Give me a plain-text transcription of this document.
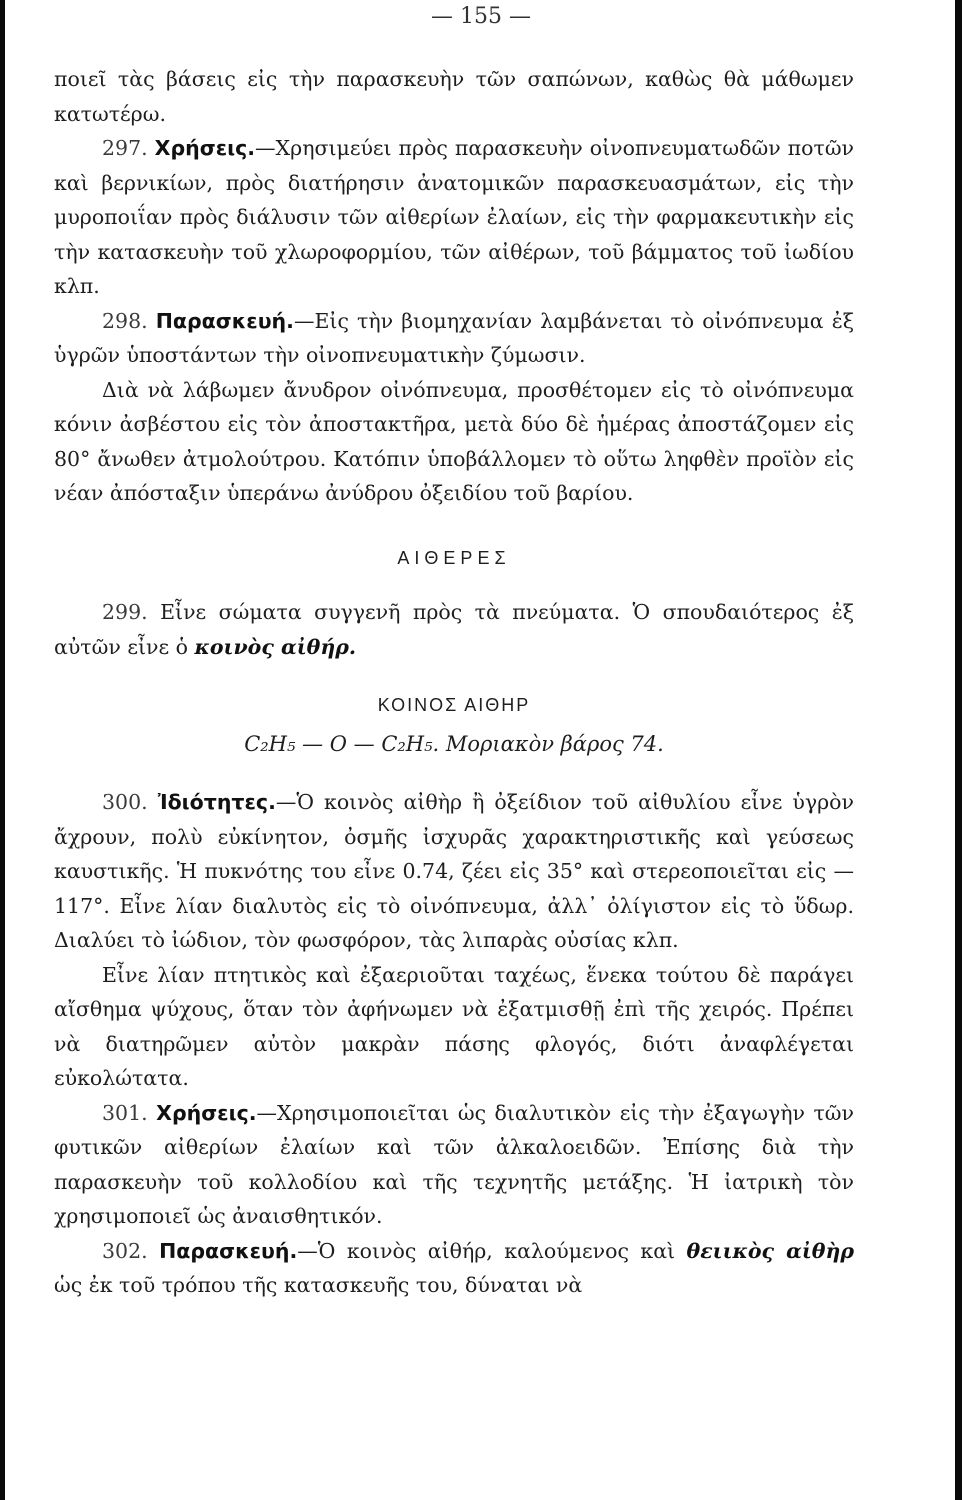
— 155 —

ποιεῖ τὰς βάσεις εἰς τὴν παρασκευὴν τῶν σαπώνων, καθὼς θὰ μάθωμεν κατωτέρω.

297. Χρήσεις.—Χρησιμεύει πρὸς παρασκευὴν οἰνοπνευματωδῶν ποτῶν καὶ βερνικίων, πρὸς διατήρησιν ἀνατομικῶν παρασκευασμάτων, εἰς τὴν μυροποιΐαν πρὸς διάλυσιν τῶν αἰθερίων ἐλαίων, εἰς τὴν φαρμακευτικὴν εἰς τὴν κατασκευὴν τοῦ χλωροφορμίου, τῶν αἰθέρων, τοῦ βάμματος τοῦ ἰωδίου κλπ.

298. Παρασκευή.—Εἰς τὴν βιομηχανίαν λαμβάνεται τὸ οἰνόπνευμα ἐξ ὑγρῶν ὑποστάντων τὴν οἰνοπνευματικὴν ζύμωσιν.

Διὰ νὰ λάβωμεν ἄνυδρον οἰνόπνευμα, προσθέτομεν εἰς τὸ οἰνόπνευμα κόνιν ἀσβέστου εἰς τὸν ἀποστακτῆρα, μετὰ δύο δὲ ἡμέρας ἀποστάζομεν εἰς 80° ἄνωθεν ἀτμολούτρου. Κατόπιν ὑποβάλλομεν τὸ οὕτω ληφθὲν προϊὸν εἰς νέαν ἀπόσταξιν ὑπεράνω ἀνύδρου ὀξειδίου τοῦ βαρίου.

ΑΙΘΕΡΕΣ

299. Εἶνε σώματα συγγενῆ πρὸς τὰ πνεύματα. Ὁ σπουδαιότερος ἐξ αὐτῶν εἶνε ὁ κοινὸς αἰθήρ.

ΚΟΙΝΟΣ ΑΙΘΗΡ
C₂H₅ — O — C₂H₅. Μοριακὸν βάρος 74.

300. Ἰδιότητες.—Ὁ κοινὸς αἰθὴρ ἢ ὀξείδιον τοῦ αἰθυλίου εἶνε ὑγρὸν ἄχρουν, πολὺ εὐκίνητον, ὀσμῆς ἰσχυρᾶς χαρακτηριστικῆς καὶ γεύσεως καυστικῆς. Ἡ πυκνότης του εἶνε 0.74, ζέει εἰς 35° καὶ στερεοποιεῖται εἰς —117°. Εἶνε λίαν διαλυτὸς εἰς τὸ οἰνόπνευμα, ἀλλ᾽ ὀλίγιστον εἰς τὸ ὕδωρ. Διαλύει τὸ ἰώδιον, τὸν φωσφόρον, τὰς λιπαρὰς οὐσίας κλπ.

Εἶνε λίαν πτητικὸς καὶ ἐξαεριοῦται ταχέως, ἕνεκα τούτου δὲ παράγει αἴσθημα ψύχους, ὅταν τὸν ἀφήνωμεν νὰ ἐξατμισθῇ ἐπὶ τῆς χειρός. Πρέπει νὰ διατηρῶμεν αὐτὸν μακρὰν πάσης φλογός, διότι ἀναφλέγεται εὐκολώτατα.

301. Χρήσεις.—Χρησιμοποιεῖται ὡς διαλυτικὸν εἰς τὴν ἐξαγωγὴν τῶν φυτικῶν αἰθερίων ἐλαίων καὶ τῶν ἀλκαλοειδῶν. Ἐπίσης διὰ τὴν παρασκευὴν τοῦ κολλοδίου καὶ τῆς τεχνητῆς μετάξης. Ἡ ἰατρικὴ τὸν χρησιμοποιεῖ ὡς ἀναισθητικόν.

302. Παρασκευή.—Ὁ κοινὸς αἰθήρ, καλούμενος καὶ θειικὸς αἰθὴρ ὡς ἐκ τοῦ τρόπου τῆς κατασκευῆς του, δύναται νὰ
